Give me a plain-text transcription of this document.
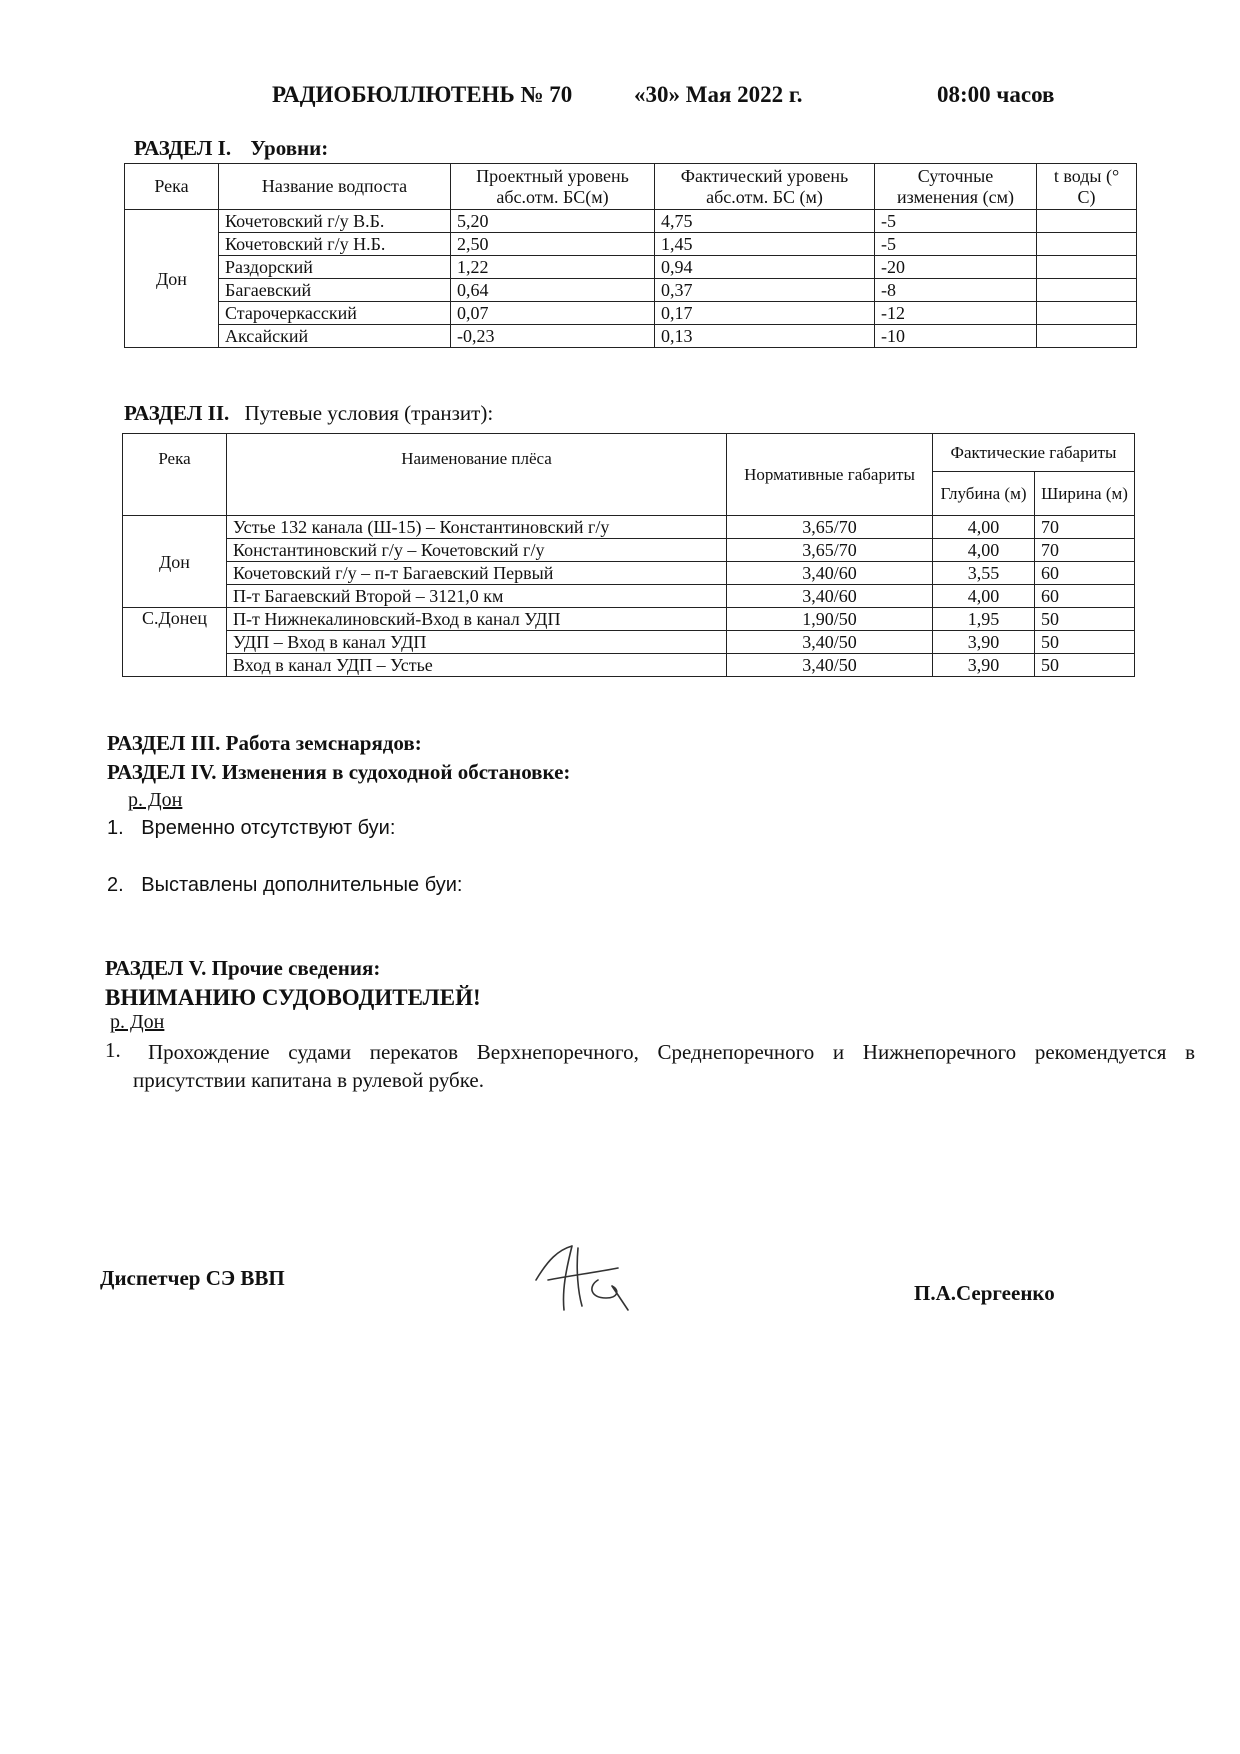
РАДИОБЮЛЛЮТЕНЬ № 70	«30» Мая 2022 г.	08:00 часов
РАЗДЕЛ I. Уровни:
Река	Название водпоста	Проектный уровень абс.отм. БС(м)	Фактический уровень абс.отм. БС (м)	Суточные изменения (см)	t воды (° С)
Дон	Кочетовский г/у В.Б.	5,20	4,75	-5	
	Кочетовский г/у Н.Б.	2,50	1,45	-5	
	Раздорский	1,22	0,94	-20	
	Багаевский	0,64	0,37	-8	
	Старочеркасский	0,07	0,17	-12	
	Аксайский	-0,23	0,13	-10	
РАЗДЕЛ II. Путевые условия (транзит):
Река	Наименование плёса	Нормативные габариты	Фактические габариты	
			Глубина (м)	Ширина (м)
Дон	Устье 132 канала (Ш-15) – Константиновский г/у	3,65/70	4,00	70
	Константиновский г/у – Кочетовский г/у	3,65/70	4,00	70
	Кочетовский г/у – п-т Багаевский Первый	3,40/60	3,55	60
	П-т Багаевский Второй – 3121,0 км	3,40/60	4,00	60
С.Донец	П-т Нижнекалиновский-Вход в канал УДП	1,90/50	1,95	50
	УДП – Вход в канал УДП	3,40/50	3,90	50
	Вход в канал УДП – Устье	3,40/50	3,90	50
РАЗДЕЛ III. Работа земснарядов:
РАЗДЕЛ IV. Изменения в судоходной обстановке:
р. Дон
1. Временно отсутствуют буи:
2. Выставлены дополнительные буи:
РАЗДЕЛ V. Прочие сведения:
ВНИМАНИЮ СУДОВОДИТЕЛЕЙ!
р. Дон
1.	Прохождение судами перекатов Верхнепоречного, Среднепоречного и Нижнепоречного рекомендуется в присутствии капитана в рулевой рубке.
Диспетчер СЭ ВВП
П.А.Сергеенко
